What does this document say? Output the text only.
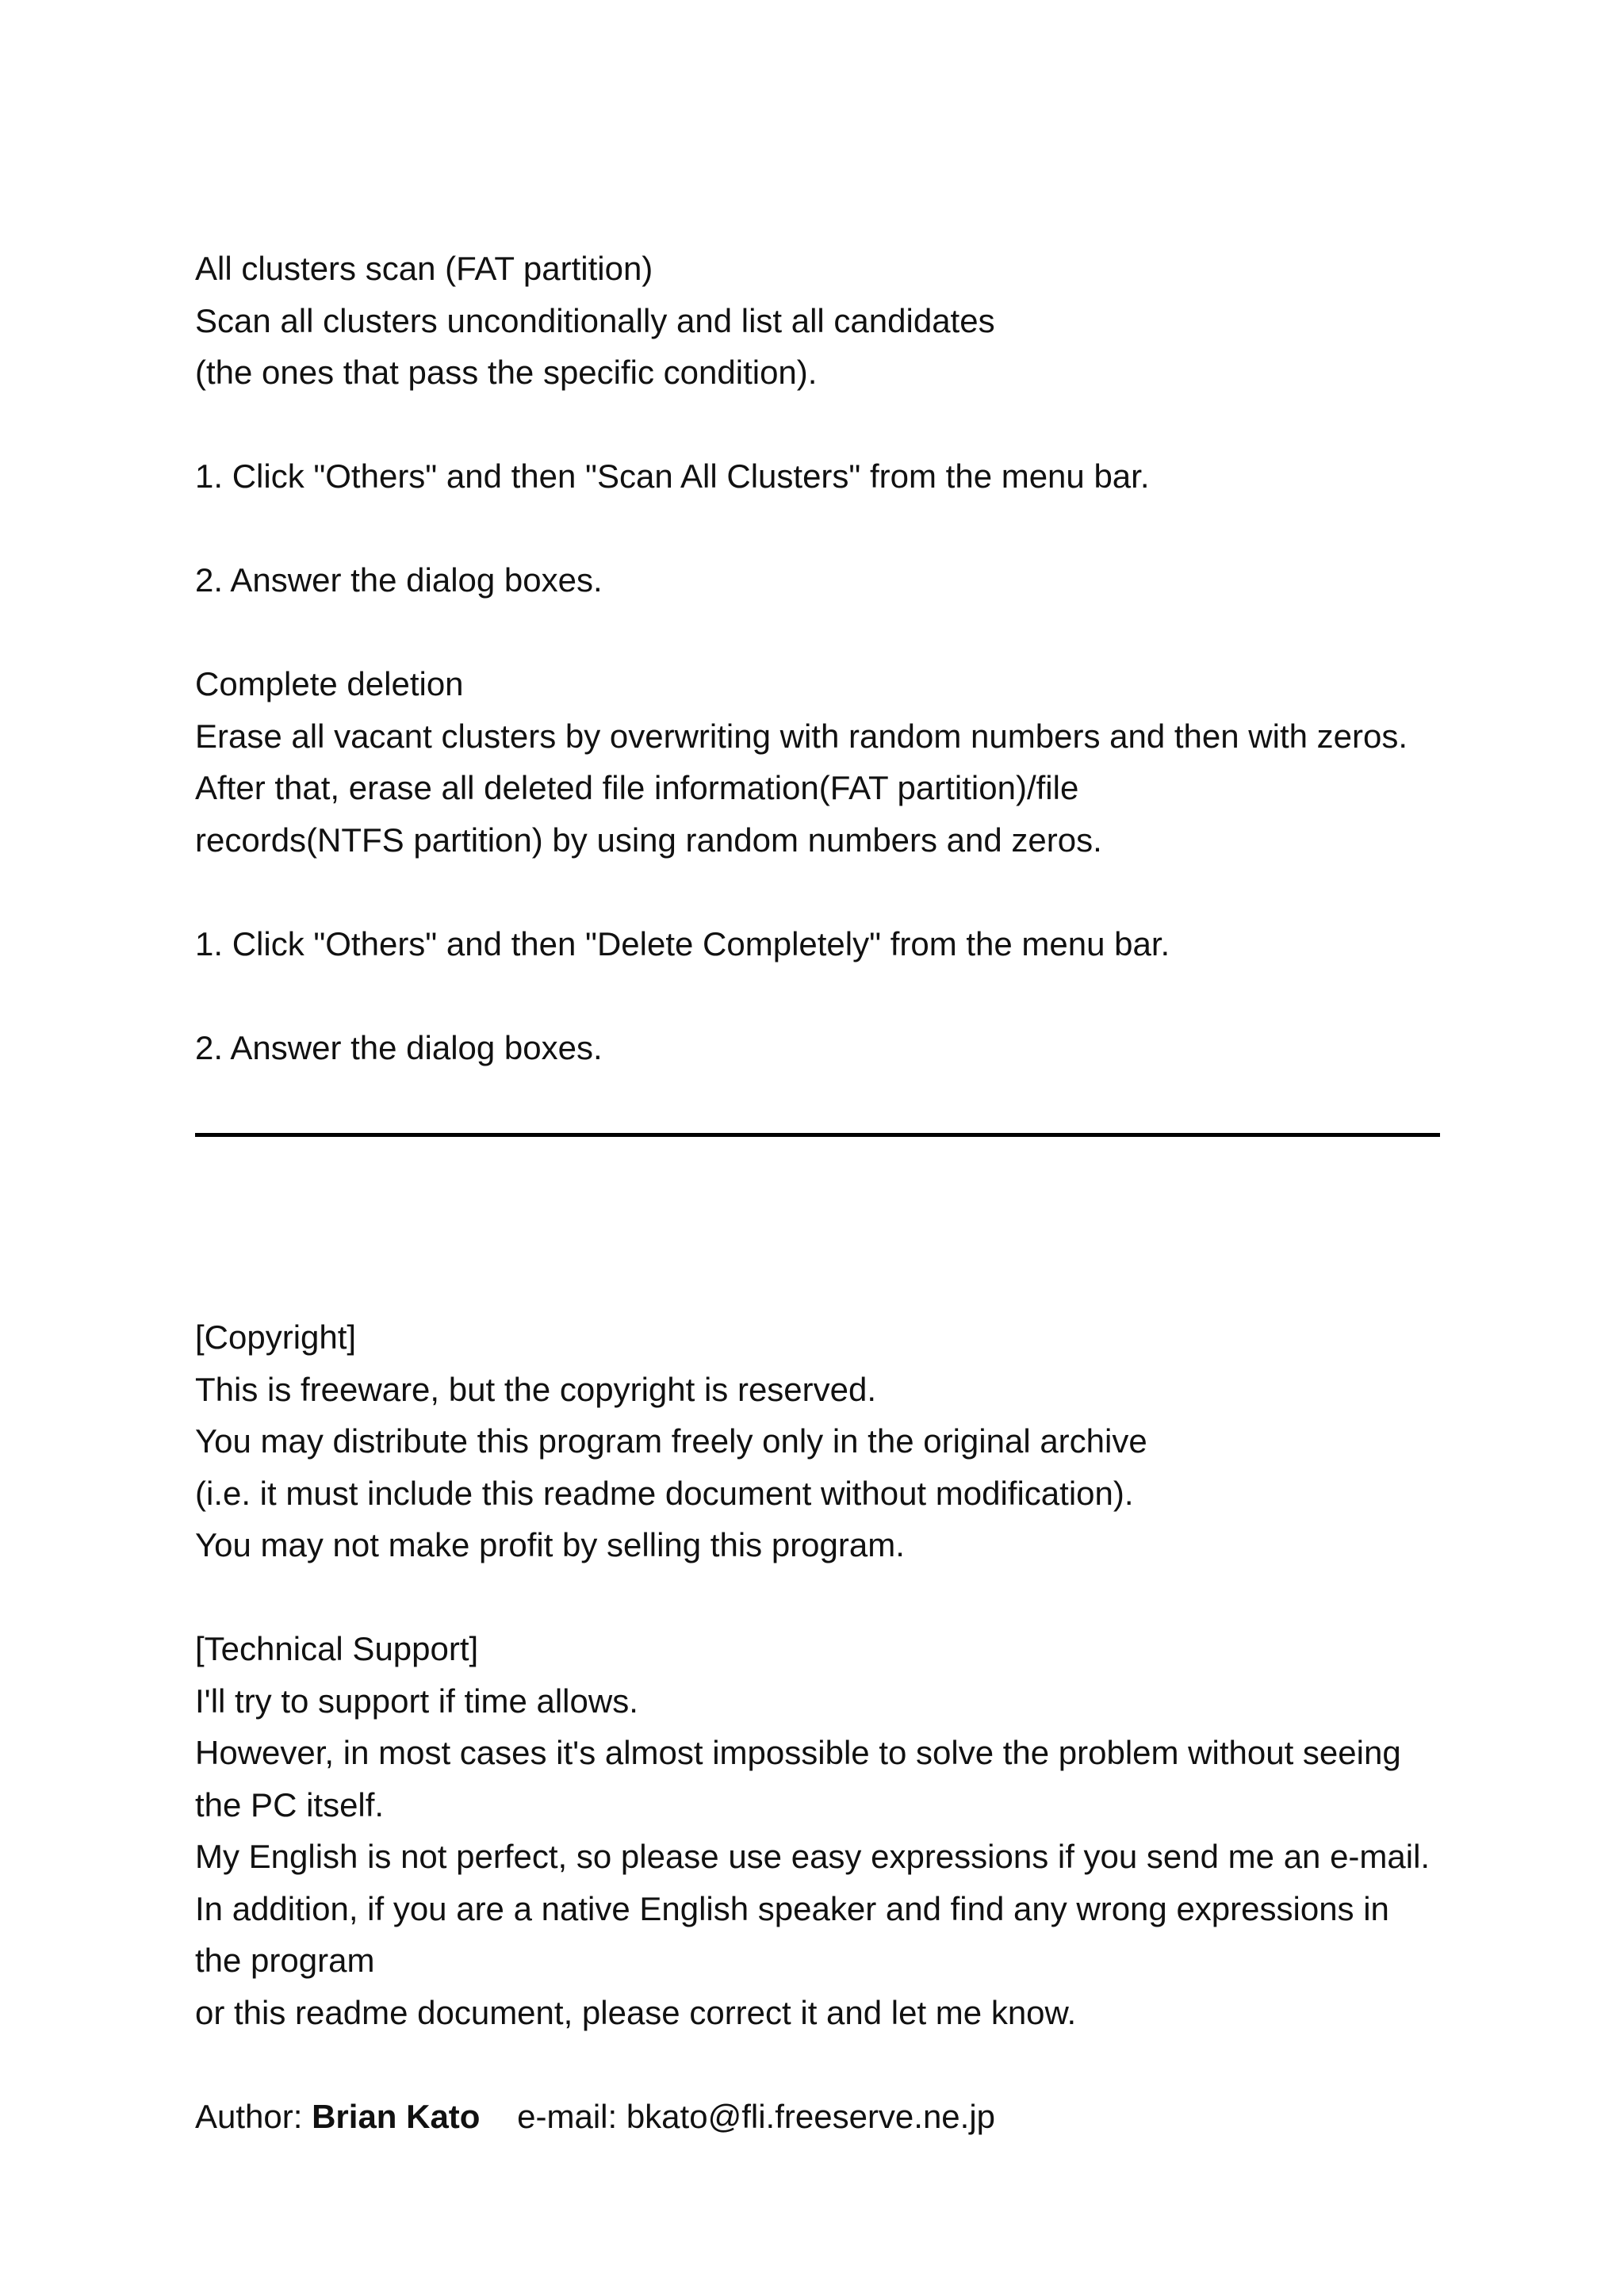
All clusters scan (FAT partition)
Scan all clusters unconditionally and list all candidates
(the ones that pass the specific condition).
1. Click "Others" and then "Scan All Clusters" from the menu bar.
2. Answer the dialog boxes.
Complete deletion
Erase all vacant clusters by overwriting with random numbers and then with zeros.
After that, erase all deleted file information(FAT partition)/file
records(NTFS partition) by using random numbers and zeros.
1. Click "Others" and then "Delete Completely" from the menu bar.
2. Answer the dialog boxes.
[Copyright]
This is freeware, but the copyright is reserved.
You may distribute this program freely only in the original archive
(i.e. it must include this readme document without modification).
You may not make profit by selling this program.
[Technical Support]
I'll try to support if time allows.
However, in most cases it's almost impossible to solve the problem without seeing
the PC itself.
My English is not perfect, so please use easy expressions if you send me an e-mail.
In addition, if you are a native English speaker and find any wrong expressions in
the program
or this readme document, please correct it and let me know.
Author: Brian Kato    e-mail: bkato@fli.freeserve.ne.jp
